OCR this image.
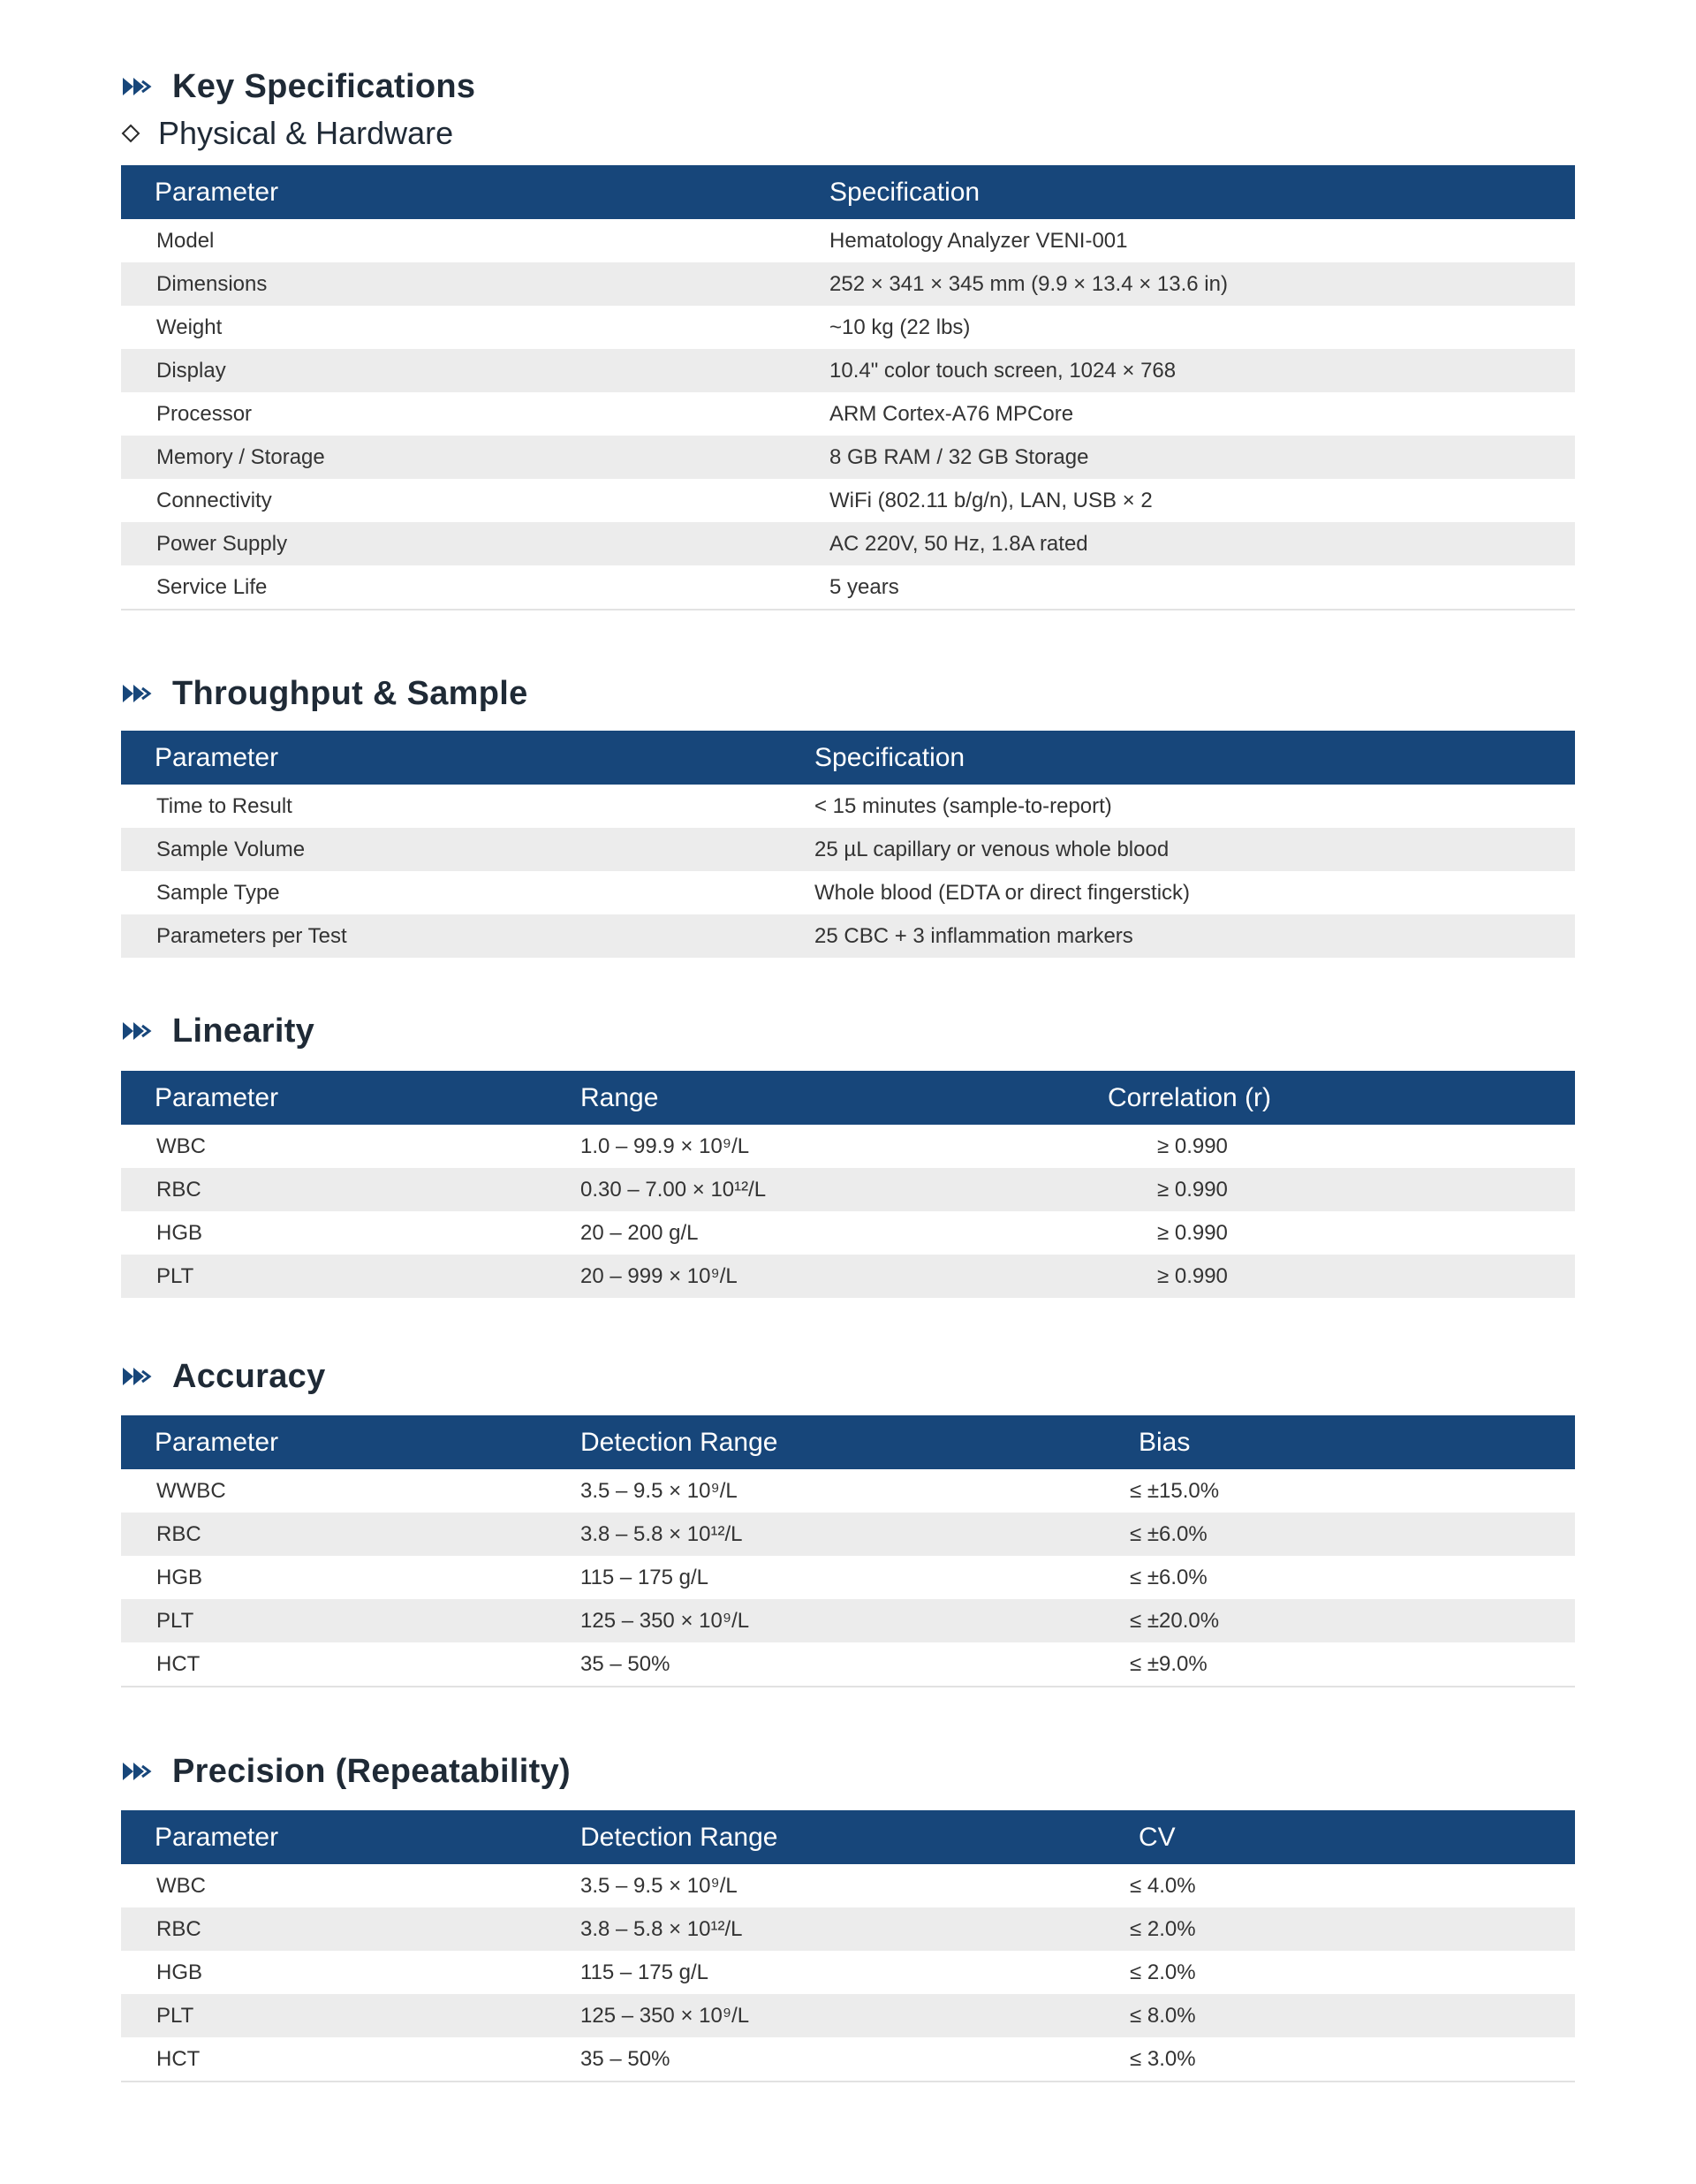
Key Specifications
Physical & Hardware
Parameter	Specification
Model	Hematology Analyzer VENI-001
Dimensions	252 × 341 × 345 mm (9.9 × 13.4 × 13.6 in)
Weight	~10 kg (22 lbs)
Display	10.4" color touch screen, 1024 × 768
Processor	ARM Cortex-A76 MPCore
Memory / Storage	8 GB RAM / 32 GB Storage
Connectivity	WiFi (802.11 b/g/n), LAN, USB × 2
Power Supply	AC 220V, 50 Hz, 1.8A rated
Service Life	5 years
Throughput & Sample
Parameter	Specification
Time to Result	< 15 minutes (sample-to-report)
Sample Volume	25 µL capillary or venous whole blood
Sample Type	Whole blood (EDTA or direct fingerstick)
Parameters per Test	25 CBC + 3 inflammation markers
Linearity
Parameter	Range	Correlation (r)
WBC	1.0 – 99.9 × 10⁹/L	≥ 0.990
RBC	0.30 – 7.00 × 10¹²/L	≥ 0.990
HGB	20 – 200 g/L	≥ 0.990
PLT	20 – 999 × 10⁹/L	≥ 0.990
Accuracy
Parameter	Detection Range	Bias
WWBC	3.5 – 9.5 × 10⁹/L	≤ ±15.0%
RBC	3.8 – 5.8 × 10¹²/L	≤ ±6.0%
HGB	115 – 175 g/L	≤ ±6.0%
PLT	125 – 350 × 10⁹/L	≤ ±20.0%
HCT	35 – 50%	≤ ±9.0%
Precision (Repeatability)
Parameter	Detection Range	CV
WBC	3.5 – 9.5 × 10⁹/L	≤ 4.0%
RBC	3.8 – 5.8 × 10¹²/L	≤ 2.0%
HGB	115 – 175 g/L	≤ 2.0%
PLT	125 – 350 × 10⁹/L	≤ 8.0%
HCT	35 – 50%	≤ 3.0%
